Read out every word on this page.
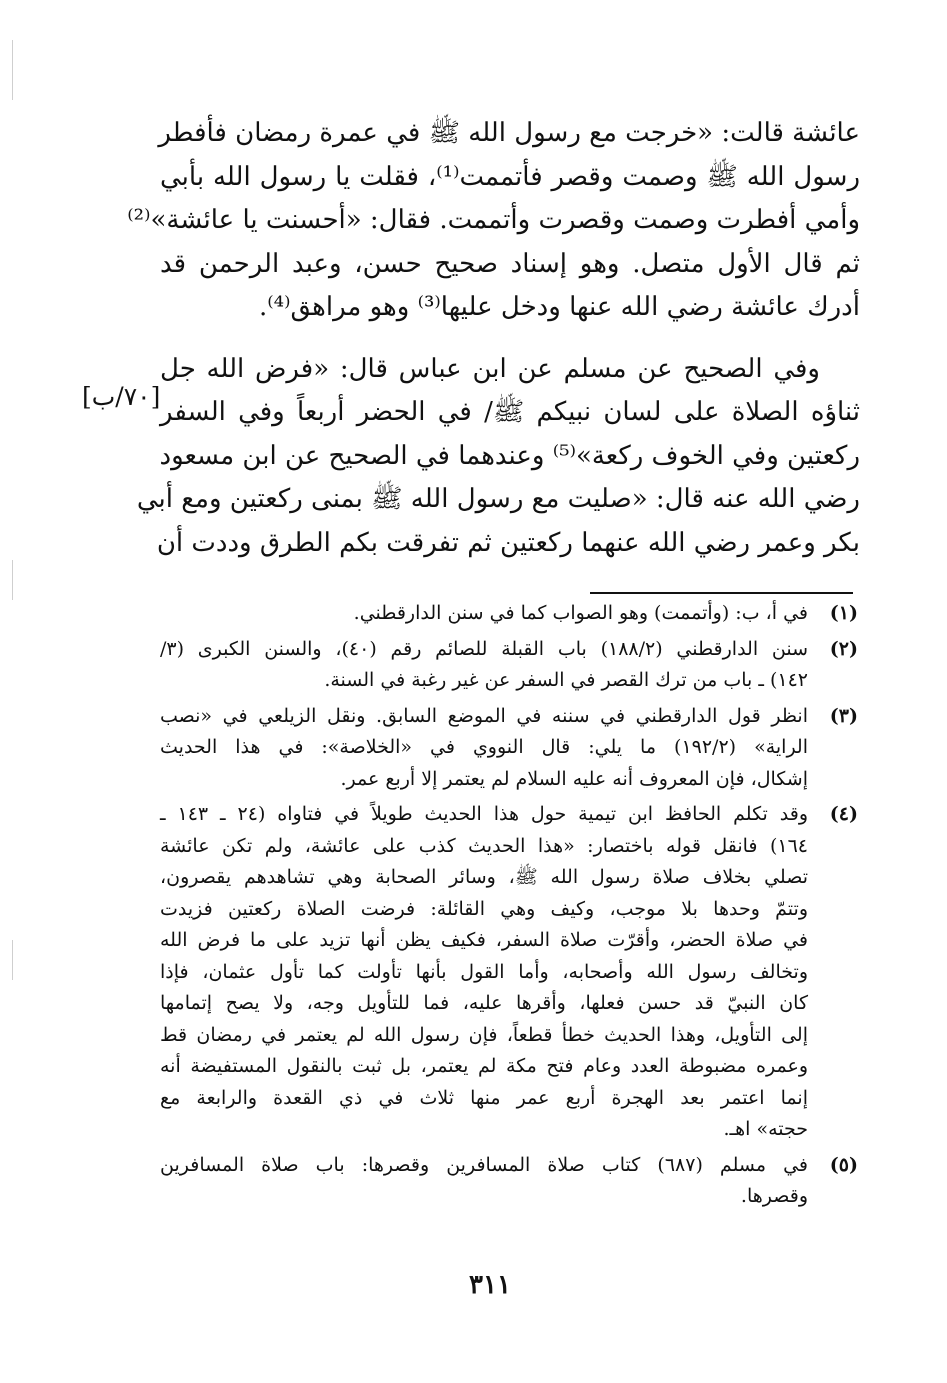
عائشة قالت: «خرجت مع رسول الله ﷺ في عمرة رمضان فأفطر
رسول الله ﷺ وصمت وقصر فأتممت⁽¹⁾، فقلت يا رسول الله بأبي
وأمي أفطرت وصمت وقصرت وأتممت. فقال: «أحسنت يا عائشة»⁽²⁾
ثم قال الأول متصل. وهو إسناد صحيح حسن، وعبد الرحمن قد
أدرك عائشة رضي الله عنها ودخل عليها⁽³⁾ وهو مراهق⁽⁴⁾.
وفي الصحيح عن مسلم عن ابن عباس قال: «فرض الله جل
ثناؤه الصلاة على لسان نبيكم ﷺ/ في الحضر أربعاً وفي السفر
ركعتين وفي الخوف ركعة»⁽⁵⁾ وعندهما في الصحيح عن ابن مسعود
رضي الله عنه قال: «صليت مع رسول الله ﷺ بمنى ركعتين ومع أبي
بكر وعمر رضي الله عنهما ركعتين ثم تفرقت بكم الطرق وددت أن
[٧٠/ب]
(١)
في أ، ب: (وأتممت) وهو الصواب كما في سنن الدارقطني.
(٢)
سنن الدارقطني (١٨٨/٢) باب القبلة للصائم رقم (٤٠)، والسنن الكبرى (٣/
١٤٢) ـ باب من ترك القصر في السفر عن غير رغبة في السنة.
(٣)
انظر قول الدارقطني في سننه في الموضع السابق. ونقل الزيلعي في «نصب
الراية» (١٩٢/٢) ما يلي: قال النووي في «الخلاصة»: في هذا الحديث
إشكال، فإن المعروف أنه عليه السلام لم يعتمر إلا أربع عمر.
(٤)
وقد تكلم الحافظ ابن تيمية حول هذا الحديث طويلاً في فتاواه (٢٤ ـ ١٤٣ ـ
١٦٤) فانقل قوله باختصار: «هذا الحديث كذب على عائشة، ولم تكن عائشة
تصلي بخلاف صلاة رسول الله ﷺ، وسائر الصحابة وهي تشاهدهم يقصرون،
وتتمّ وحدها بلا موجب، وكيف وهي القائلة: فرضت الصلاة ركعتين فزيدت
في صلاة الحضر، وأقرّت صلاة السفر، فكيف يظن أنها تزيد على ما فرض الله
وتخالف رسول الله وأصحابه، وأما القول بأنها تأولت كما تأول عثمان، فإذا
كان النبيّ قد حسن فعلها، وأقرها عليه، فما للتأويل وجه، ولا يصح إتمامها
إلى التأويل، وهذا الحديث خطأ قطعاً، فإن رسول الله لم يعتمر في رمضان قط
وعمره مضبوطة العدد وعام فتح مكة لم يعتمر، بل ثبت بالنقول المستفيضة أنه
إنما اعتمر بعد الهجرة أربع عمر منها ثلاث في ذي القعدة والرابعة مع
حجته» اهـ.
(٥)
في مسلم (٦٨٧) كتاب صلاة المسافرين وقصرها: باب صلاة المسافرين
وقصرها.
٣١١
